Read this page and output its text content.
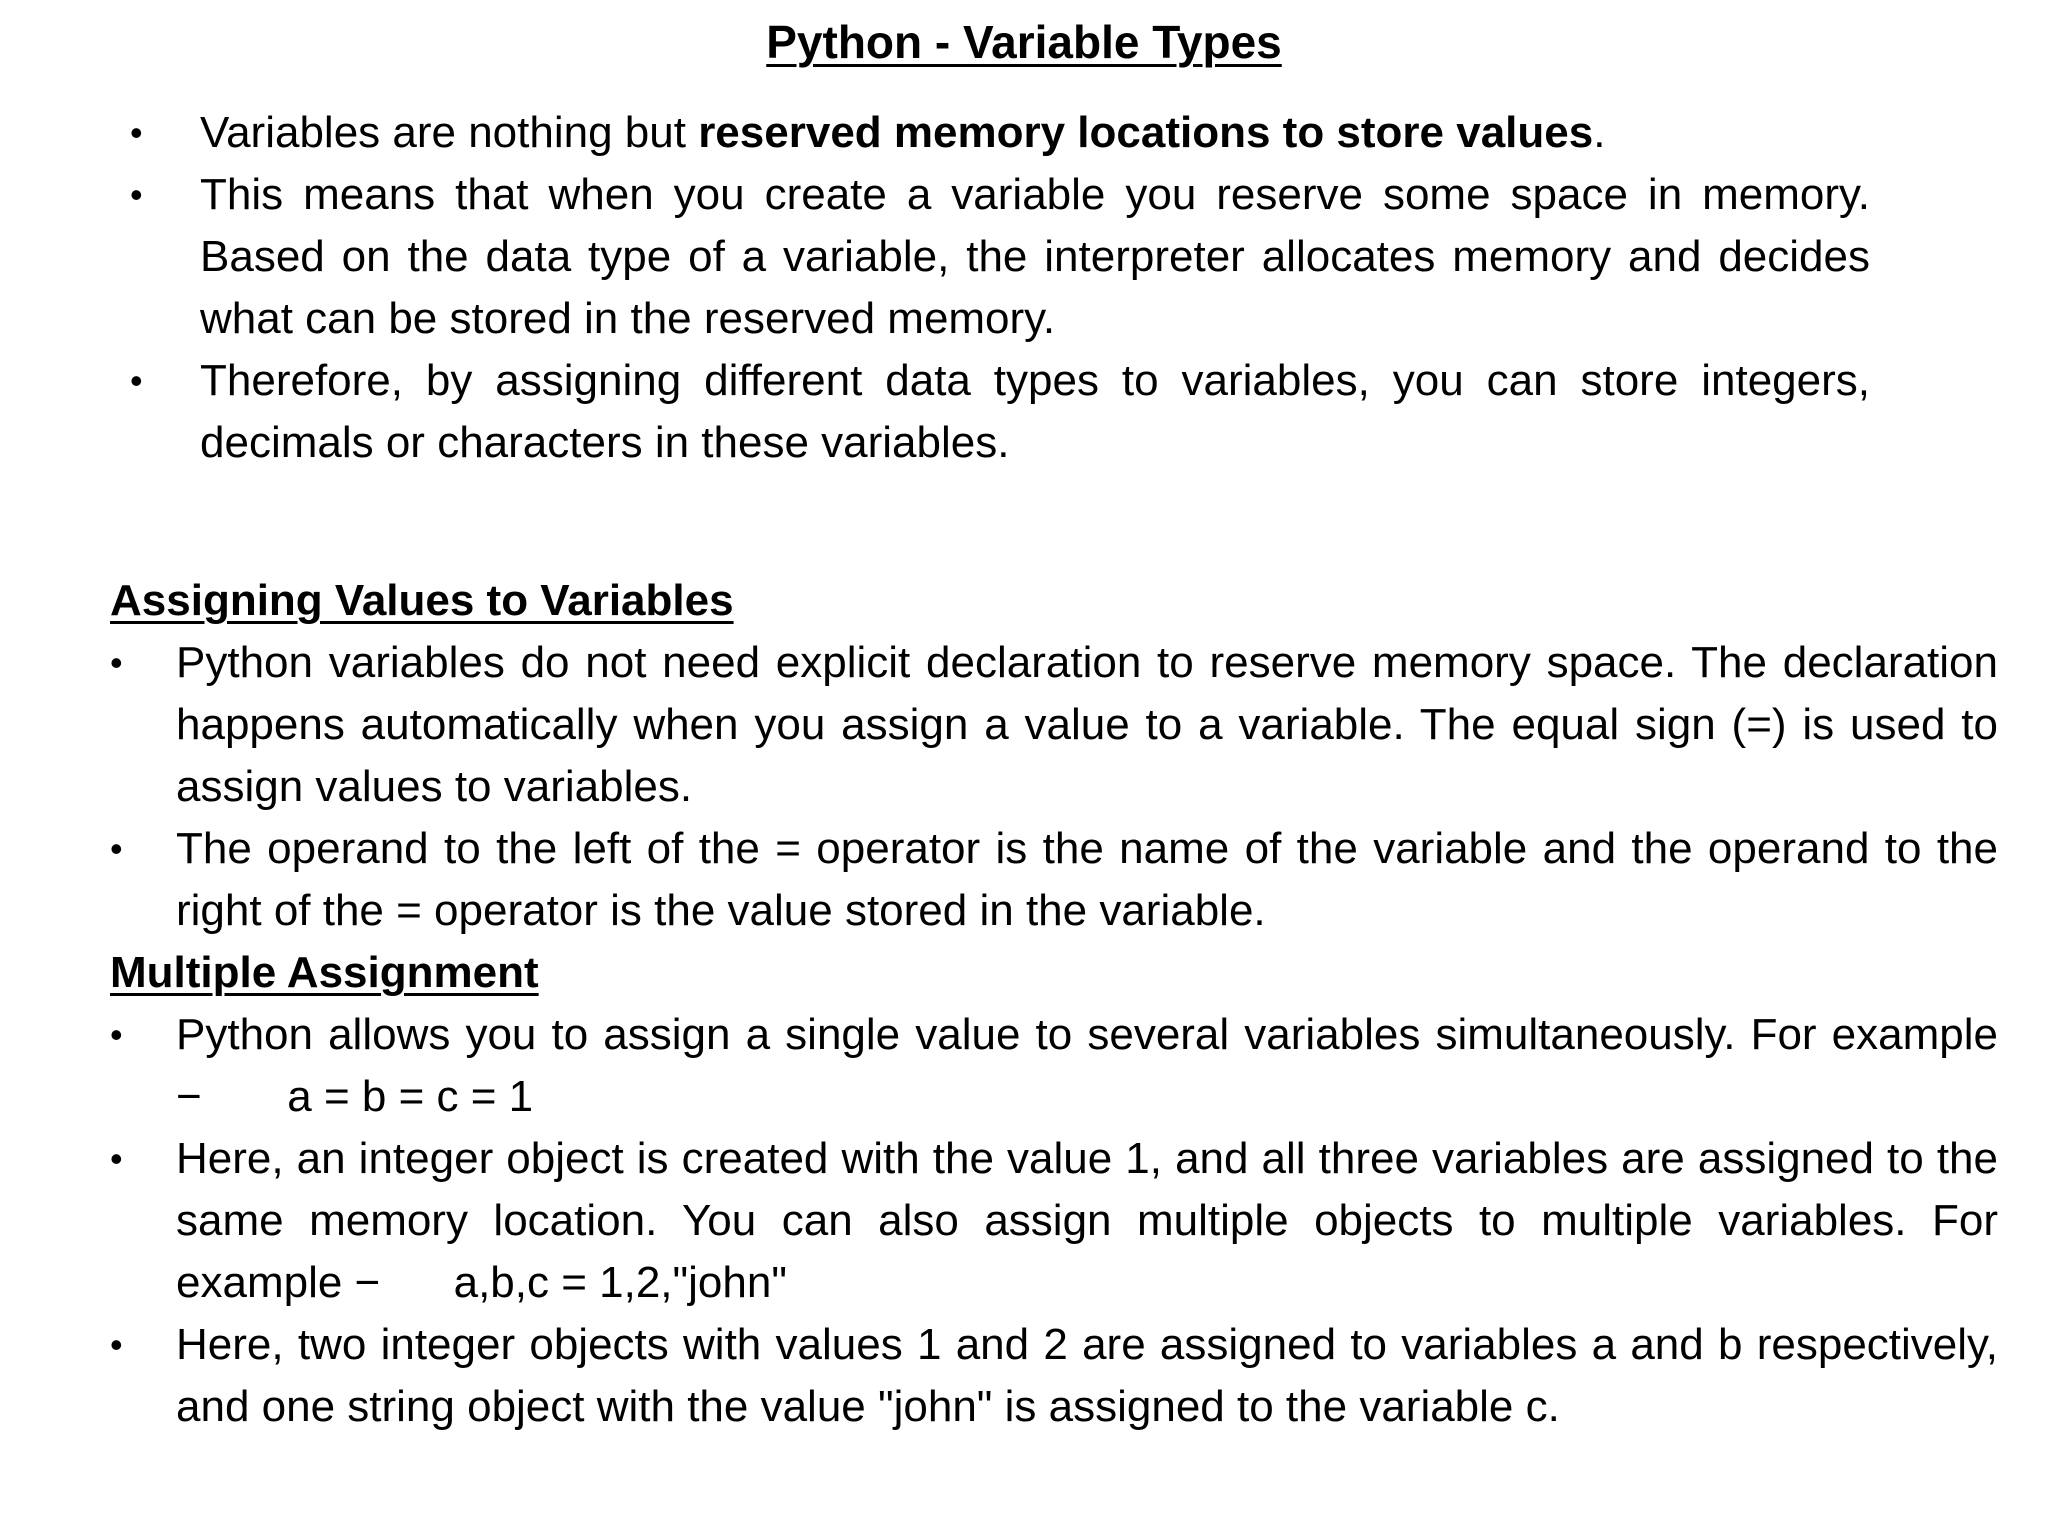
Python - Variable Types
• Variables are nothing but reserved memory locations to store values.
• This means that when you create a variable you reserve some space in memory. Based on the data type of a variable, the interpreter allocates memory and decides what can be stored in the reserved memory.
• Therefore, by assigning different data types to variables, you can store integers, decimals or characters in these variables.
Assigning Values to Variables
• Python variables do not need explicit declaration to reserve memory space. The declaration happens automatically when you assign a value to a variable. The equal sign (=) is used to assign values to variables.
• The operand to the left of the = operator is the name of the variable and the operand to the right of the = operator is the value stored in the variable.
Multiple Assignment
• Python allows you to assign a single value to several variables simultaneously. For example − a = b = c = 1
• Here, an integer object is created with the value 1, and all three variables are assigned to the same memory location. You can also assign multiple objects to multiple variables. For example − a,b,c = 1,2,"john"
• Here, two integer objects with values 1 and 2 are assigned to variables a and b respectively, and one string object with the value "john" is assigned to the variable c.
